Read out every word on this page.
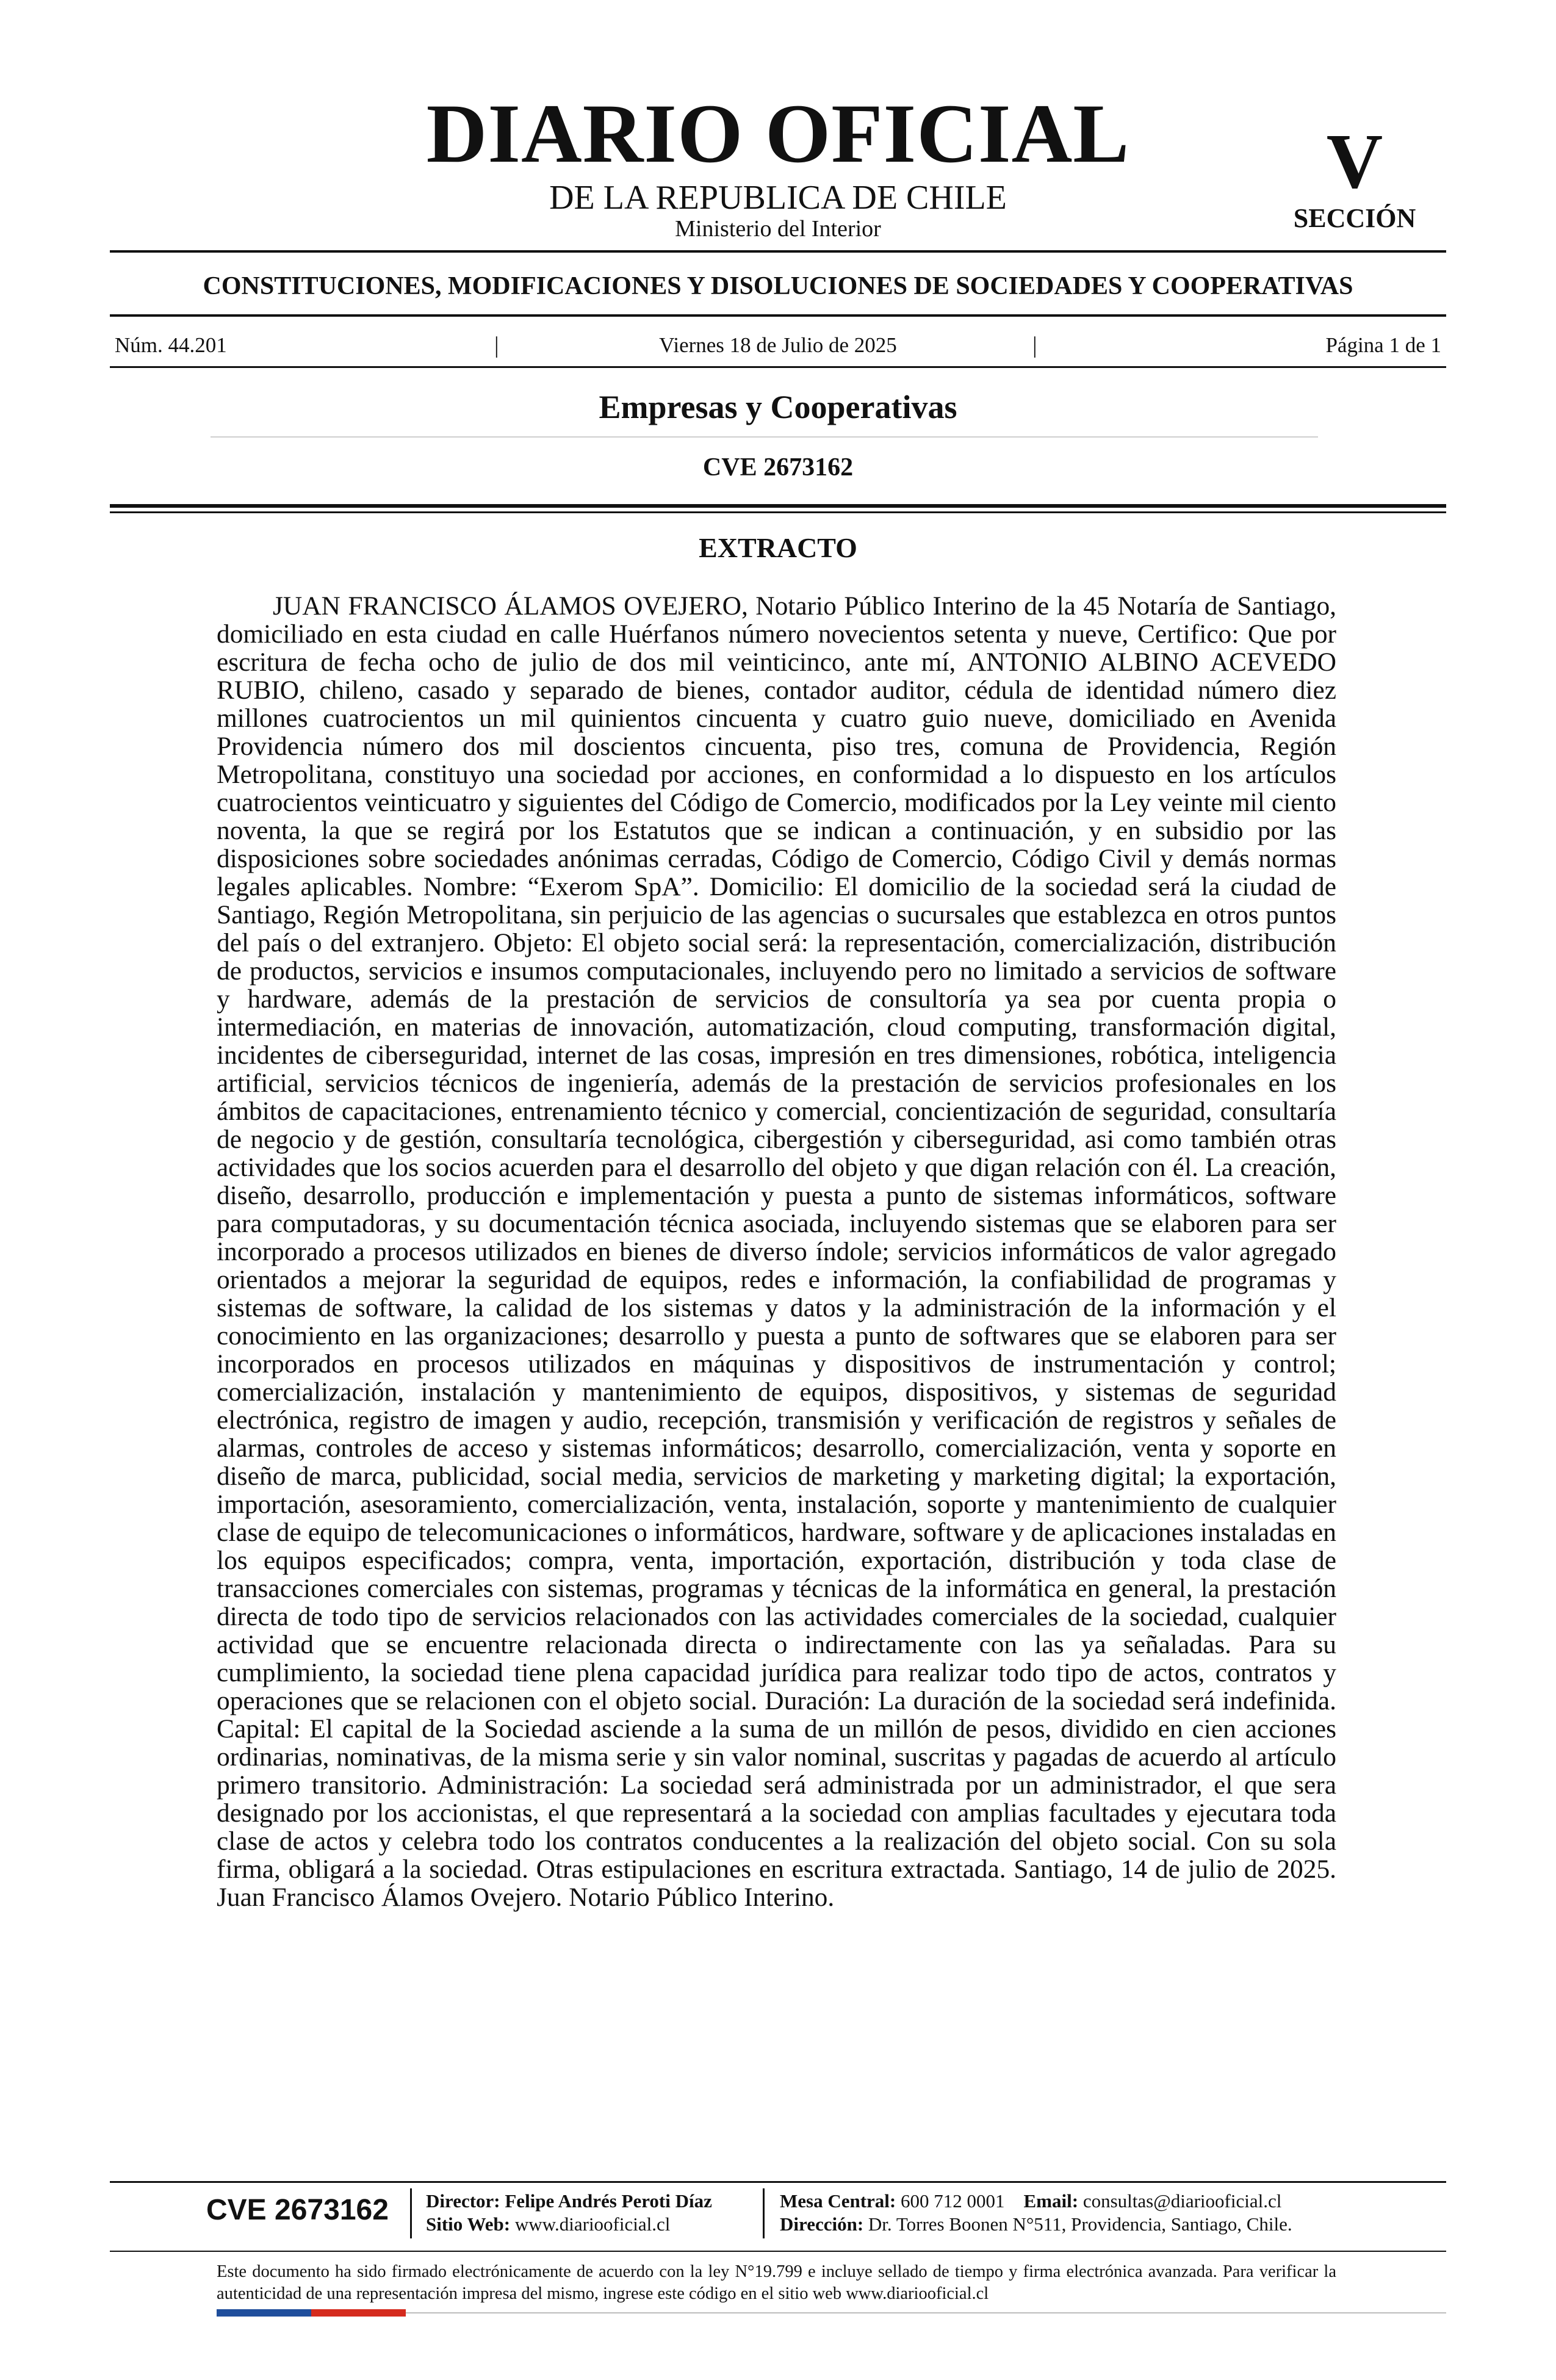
DIARIO OFICIAL
DE LA REPUBLICA DE CHILE
Ministerio del Interior
V
SECCIÓN
CONSTITUCIONES, MODIFICACIONES Y DISOLUCIONES DE SOCIEDADES Y COOPERATIVAS
Núm. 44.201	|	Viernes 18 de Julio de 2025	|	Página 1 de 1
Empresas y Cooperativas
CVE 2673162
EXTRACTO

JUAN FRANCISCO ÁLAMOS OVEJERO, Notario Público Interino de la 45 Notaría de Santiago, domiciliado en esta ciudad en calle Huérfanos número novecientos setenta y nueve, Certifico: Que por escritura de fecha ocho de julio de dos mil veinticinco, ante mí, ANTONIO ALBINO ACEVEDO RUBIO, chileno, casado y separado de bienes, contador auditor, cédula de identidad número diez millones cuatrocientos un mil quinientos cincuenta y cuatro guio nueve, domiciliado en Avenida Providencia número dos mil doscientos cincuenta, piso tres, comuna de Providencia, Región Metropolitana, constituyo una sociedad por acciones, en conformidad a lo dispuesto en los artículos cuatrocientos veinticuatro y siguientes del Código de Comercio, modificados por la Ley veinte mil ciento noventa, la que se regirá por los Estatutos que se indican a continuación, y en subsidio por las disposiciones sobre sociedades anónimas cerradas, Código de Comercio, Código Civil y demás normas legales aplicables. Nombre: “Exerom SpA”. Domicilio: El domicilio de la sociedad será la ciudad de Santiago, Región Metropolitana, sin perjuicio de las agencias o sucursales que establezca en otros puntos del país o del extranjero. Objeto: El objeto social será: la representación, comercialización, distribución de productos, servicios e insumos computacionales, incluyendo pero no limitado a servicios de software y hardware, además de la prestación de servicios de consultoría ya sea por cuenta propia o intermediación, en materias de innovación, automatización, cloud computing, transformación digital, incidentes de ciberseguridad, internet de las cosas, impresión en tres dimensiones, robótica, inteligencia artificial, servicios técnicos de ingeniería, además de la prestación de servicios profesionales en los ámbitos de capacitaciones, entrenamiento técnico y comercial, concientización de seguridad, consultaría de negocio y de gestión, consultaría tecnológica, cibergestión y ciberseguridad, asi como también otras actividades que los socios acuerden para el desarrollo del objeto y que digan relación con él. La creación, diseño, desarrollo, producción e implementación y puesta a punto de sistemas informáticos, software para computadoras, y su documentación técnica asociada, incluyendo sistemas que se elaboren para ser incorporado a procesos utilizados en bienes de diverso índole; servicios informáticos de valor agregado orientados a mejorar la seguridad de equipos, redes e información, la confiabilidad de programas y sistemas de software, la calidad de los sistemas y datos y la administración de la información y el conocimiento en las organizaciones; desarrollo y puesta a punto de softwares que se elaboren para ser incorporados en procesos utilizados en máquinas y dispositivos de instrumentación y control; comercialización, instalación y mantenimiento de equipos, dispositivos, y sistemas de seguridad electrónica, registro de imagen y audio, recepción, transmisión y verificación de registros y señales de alarmas, controles de acceso y sistemas informáticos; desarrollo, comercialización, venta y soporte en diseño de marca, publicidad, social media, servicios de marketing y marketing digital; la exportación, importación, asesoramiento, comercialización, venta, instalación, soporte y mantenimiento de cualquier clase de equipo de telecomunicaciones o informáticos, hardware, software y de aplicaciones instaladas en los equipos especificados; compra, venta, importación, exportación, distribución y toda clase de transacciones comerciales con sistemas, programas y técnicas de la informática en general, la prestación directa de todo tipo de servicios relacionados con las actividades comerciales de la sociedad, cualquier actividad que se encuentre relacionada directa o indirectamente con las ya señaladas. Para su cumplimiento, la sociedad tiene plena capacidad jurídica para realizar todo tipo de actos, contratos y operaciones que se relacionen con el objeto social. Duración: La duración de la sociedad será indefinida. Capital: El capital de la Sociedad asciende a la suma de un millón de pesos, dividido en cien acciones ordinarias, nominativas, de la misma serie y sin valor nominal, suscritas y pagadas de acuerdo al artículo primero transitorio. Administración: La sociedad será administrada por un administrador, el que sera designado por los accionistas, el que representará a la sociedad con amplias facultades y ejecutara toda clase de actos y celebra todo los contratos conducentes a la realización del objeto social. Con su sola firma, obligará a la sociedad. Otras estipulaciones en escritura extractada. Santiago, 14 de julio de 2025. Juan Francisco Álamos Ovejero. Notario Público Interino.

CVE 2673162 Director: Felipe Andrés Peroti Díaz
Sitio Web: www.diariooficial.cl
Mesa Central: 600 712 0001 Email: consultas@diariooficial.cl
Dirección: Dr. Torres Boonen N°511, Providencia, Santiago, Chile.
Este documento ha sido firmado electrónicamente de acuerdo con la ley N°19.799 e incluye sellado de tiempo y firma electrónica avanzada. Para verificar la autenticidad de una representación impresa del mismo, ingrese este código en el sitio web www.diariooficial.cl
